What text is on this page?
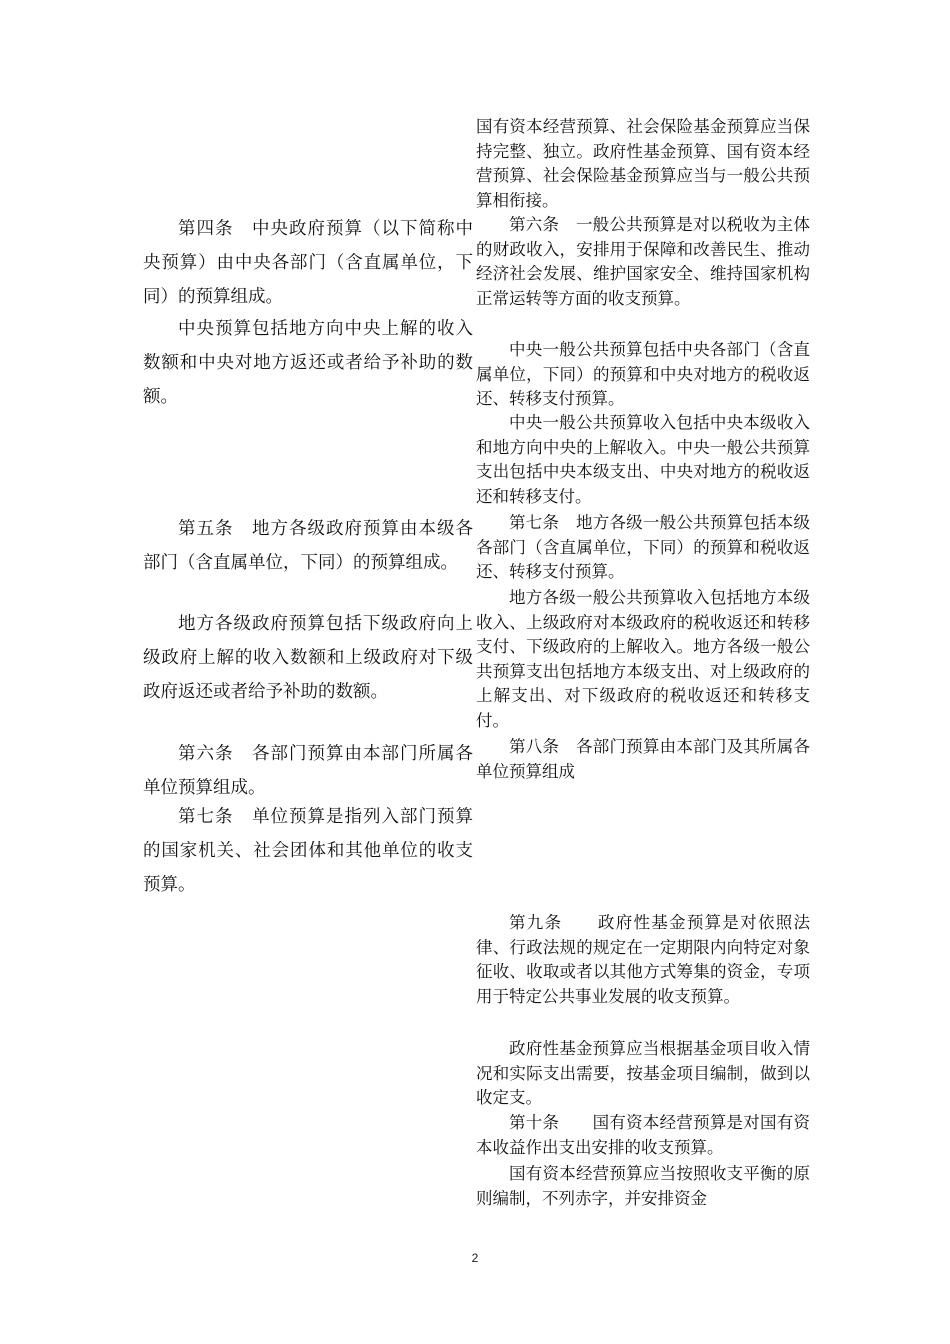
第四条　中央政府预算（以下简称中央预算）由中央各部门（含直属单位，下同）的预算组成。

中央预算包括地方向中央上解的收入数额和中央对地方返还或者给予补助的数额。

第五条　地方各级政府预算由本级各部门（含直属单位，下同）的预算组成。

地方各级政府预算包括下级政府向上级政府上解的收入数额和上级政府对下级政府返还或者给予补助的数额。

第六条　各部门预算由本部门所属各单位预算组成。

第七条　单位预算是指列入部门预算的国家机关、社会团体和其他单位的收支预算。

国有资本经营预算、社会保险基金预算应当保持完整、独立。政府性基金预算、国有资本经营预算、社会保险基金预算应当与一般公共预算相衔接。

第六条　一般公共预算是对以税收为主体的财政收入，安排用于保障和改善民生、推动经济社会发展、维护国家安全、维持国家机构正常运转等方面的收支预算。

中央一般公共预算包括中央各部门（含直属单位，下同）的预算和中央对地方的税收返还、转移支付预算。

中央一般公共预算收入包括中央本级收入和地方向中央的上解收入。中央一般公共预算支出包括中央本级支出、中央对地方的税收返还和转移支付。

第七条　 地方各级一般公共预算包括本级各部门（含直属单位，下同）的预算和税收返还、转移支付预算。

地方各级一般公共预算收入包括地方本级收入、上级政府对本级政府的税收返还和转移支付、下级政府的上解收入。地方各级一般公共预算支出包括地方本级支出、对上级政府的上解支出、对下级政府的税收返还和转移支付。

第八条　 各部门预算由本部门及其所属各单位预算组成

第九条　　政府性基金预算是对依照法律、行政法规的规定在一定期限内向特定对象征收、收取或者以其他方式筹集的资金，专项用于特定公共事业发展的收支预算。

政府性基金预算应当根据基金项目收入情况和实际支出需要，按基金项目编制，做到以收定支。

第十条　　国有资本经营预算是对国有资本收益作出支出安排的收支预算。

国有资本经营预算应当按照收支平衡的原则编制，不列赤字，并安排资金

2
